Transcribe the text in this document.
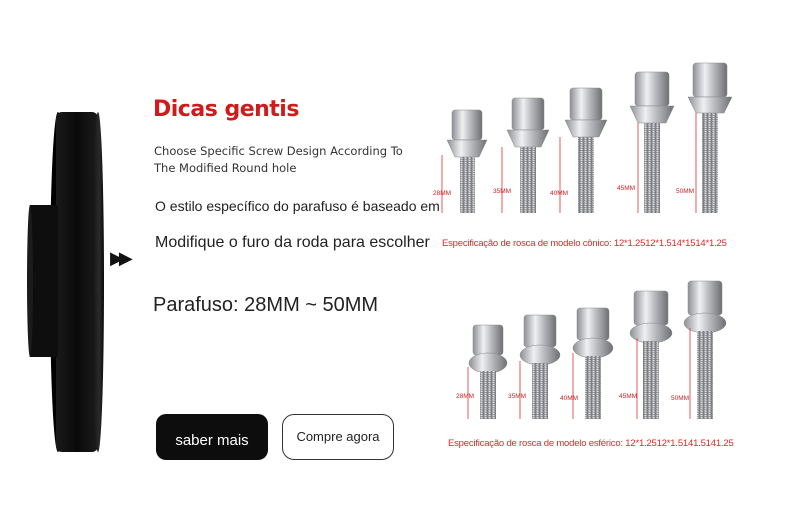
▶▶
Dicas gentis
Choose Specific Screw Design According To
The Modified Round hole
O estilo específico do parafuso é baseado em
Modifique o furo da roda para escolher
Parafuso: 28MM ~ 50MM
saber mais	Compre agora
28MM	35MM	40MM
45MM	50MM
28MM	35MM	40MM	45MM	50MM
Especificação de rosca de modelo cônico: 12*1.2512*1.514*1514*1.25
Especificação de rosca de modelo esférico: 12*1.2512*1.5141.5141.25
